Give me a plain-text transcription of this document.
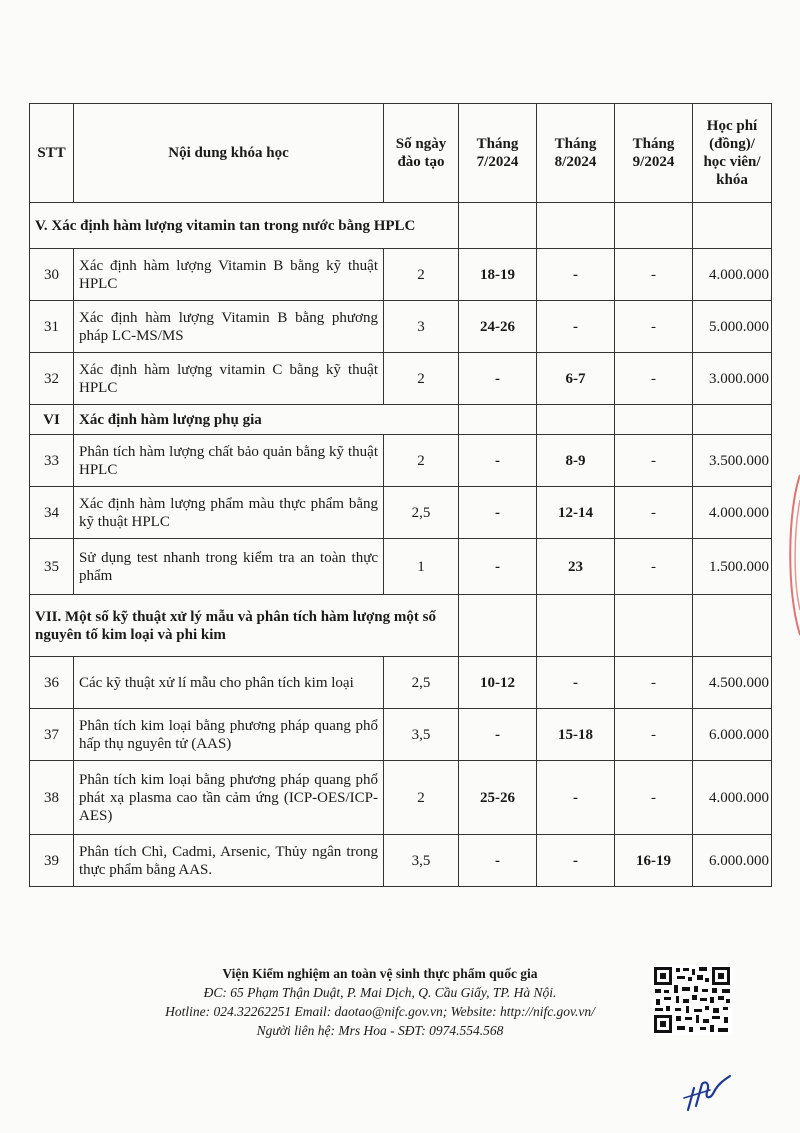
STT	Nội dung khóa học	Số ngày đào tạo	Tháng 7/2024	Tháng 8/2024	Tháng 9/2024	Học phí (đồng)/ học viên/ khóa
V. Xác định hàm lượng vitamin tan trong nước bằng HPLC						
30	Xác định hàm lượng Vitamin B bằng kỹ thuật HPLC	2	18-19	-	-	4.000.000
31	Xác định hàm lượng Vitamin B bằng phương pháp LC-MS/MS	3	24-26	-	-	5.000.000
32	Xác định hàm lượng vitamin C bằng kỹ thuật HPLC	2	-	6-7	-	3.000.000
VI	Xác định hàm lượng phụ gia					
33	Phân tích hàm lượng chất bảo quản bằng kỹ thuật HPLC	2	-	8-9	-	3.500.000
34	Xác định hàm lượng phẩm màu thực phẩm bằng kỹ thuật HPLC	2,5	-	12-14	-	4.000.000
35	Sử dụng test nhanh trong kiểm tra an toàn thực phẩm	1	-	23	-	1.500.000
VII. Một số kỹ thuật xử lý mẫu và phân tích hàm lượng một số nguyên tố kim loại và phi kim						
36	Các kỹ thuật xử lí mẫu cho phân tích kim loại	2,5	10-12	-	-	4.500.000
37	Phân tích kim loại bằng phương pháp quang phổ hấp thụ nguyên tử (AAS)	3,5	-	15-18	-	6.000.000
38	Phân tích kim loại bằng phương pháp quang phổ phát xạ plasma cao tần cảm ứng (ICP-OES/ICP-AES)	2	25-26	-	-	4.000.000
39	Phân tích Chì, Cadmi, Arsenic, Thủy ngân trong thực phẩm bằng AAS.	3,5	-	-	16-19	6.000.000
Viện Kiểm nghiệm an toàn vệ sinh thực phẩm quốc gia
ĐC: 65 Phạm Thận Duật, P. Mai Dịch, Q. Cầu Giấy, TP. Hà Nội.
Hotline: 024.32262251 Email: daotao@nifc.gov.vn; Website: http://nifc.gov.vn/
Người liên hệ: Mrs Hoa - SĐT: 0974.554.568
